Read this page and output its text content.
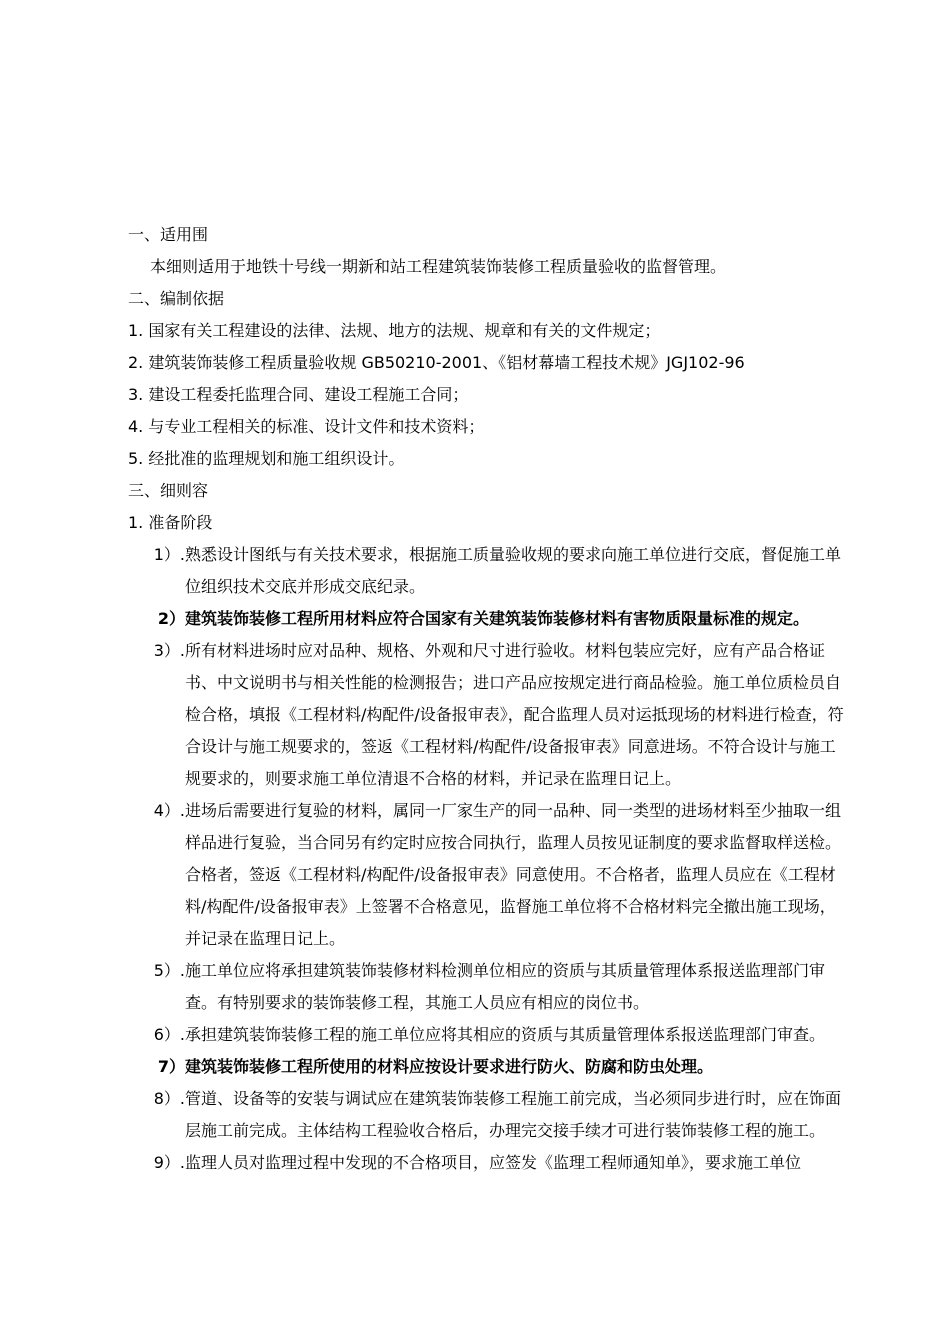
一、适用围
本细则适用于地铁十号线一期新和站工程建筑装饰装修工程质量验收的监督管理。
二、编制依据
1. 国家有关工程建设的法律、法规、地方的法规、规章和有关的文件规定；
2. 建筑装饰装修工程质量验收规 GB50210-2001、《铝材幕墙工程技术规》JGJ102-96
3. 建设工程委托监理合同、建设工程施工合同；
4. 与专业工程相关的标准、设计文件和技术资料；
5. 经批准的监理规划和施工组织设计。
三、细则容
1. 准备阶段
1）. 熟悉设计图纸与有关技术要求，根据施工质量验收规的要求向施工单位进行交底，督促施工单位组织技术交底并形成交底纪录。
2） 建筑装饰装修工程所用材料应符合国家有关建筑装饰装修材料有害物质限量标准的规定。
3）. 所有材料进场时应对品种、规格、外观和尺寸进行验收。材料包装应完好，应有产品合格证书、中文说明书与相关性能的检测报告；进口产品应按规定进行商品检验。施工单位质检员自检合格，填报《工程材料/构配件/设备报审表》，配合监理人员对运抵现场的材料进行检查，符合设计与施工规要求的，签返《工程材料/构配件/设备报审表》同意进场。不符合设计与施工规要求的，则要求施工单位清退不合格的材料，并记录在监理日记上。
4）. 进场后需要进行复验的材料，属同一厂家生产的同一品种、同一类型的进场材料至少抽取一组样品进行复验，当合同另有约定时应按合同执行，监理人员按见证制度的要求监督取样送检。合格者，签返《工程材料/构配件/设备报审表》同意使用。不合格者，监理人员应在《工程材料/构配件/设备报审表》上签署不合格意见，监督施工单位将不合格材料完全撤出施工现场，并记录在监理日记上。
5）. 施工单位应将承担建筑装饰装修材料检测单位相应的资质与其质量管理体系报送监理部门审查。有特别要求的装饰装修工程，其施工人员应有相应的岗位书。
6）. 承担建筑装饰装修工程的施工单位应将其相应的资质与其质量管理体系报送监理部门审查。
7） 建筑装饰装修工程所使用的材料应按设计要求进行防火、防腐和防虫处理。
8）. 管道、设备等的安装与调试应在建筑装饰装修工程施工前完成，当必须同步进行时，应在饰面层施工前完成。主体结构工程验收合格后，办理完交接手续才可进行装饰装修工程的施工。
9）. 监理人员对监理过程中发现的不合格项目，应签发《监理工程师通知单》，要求施工单位
